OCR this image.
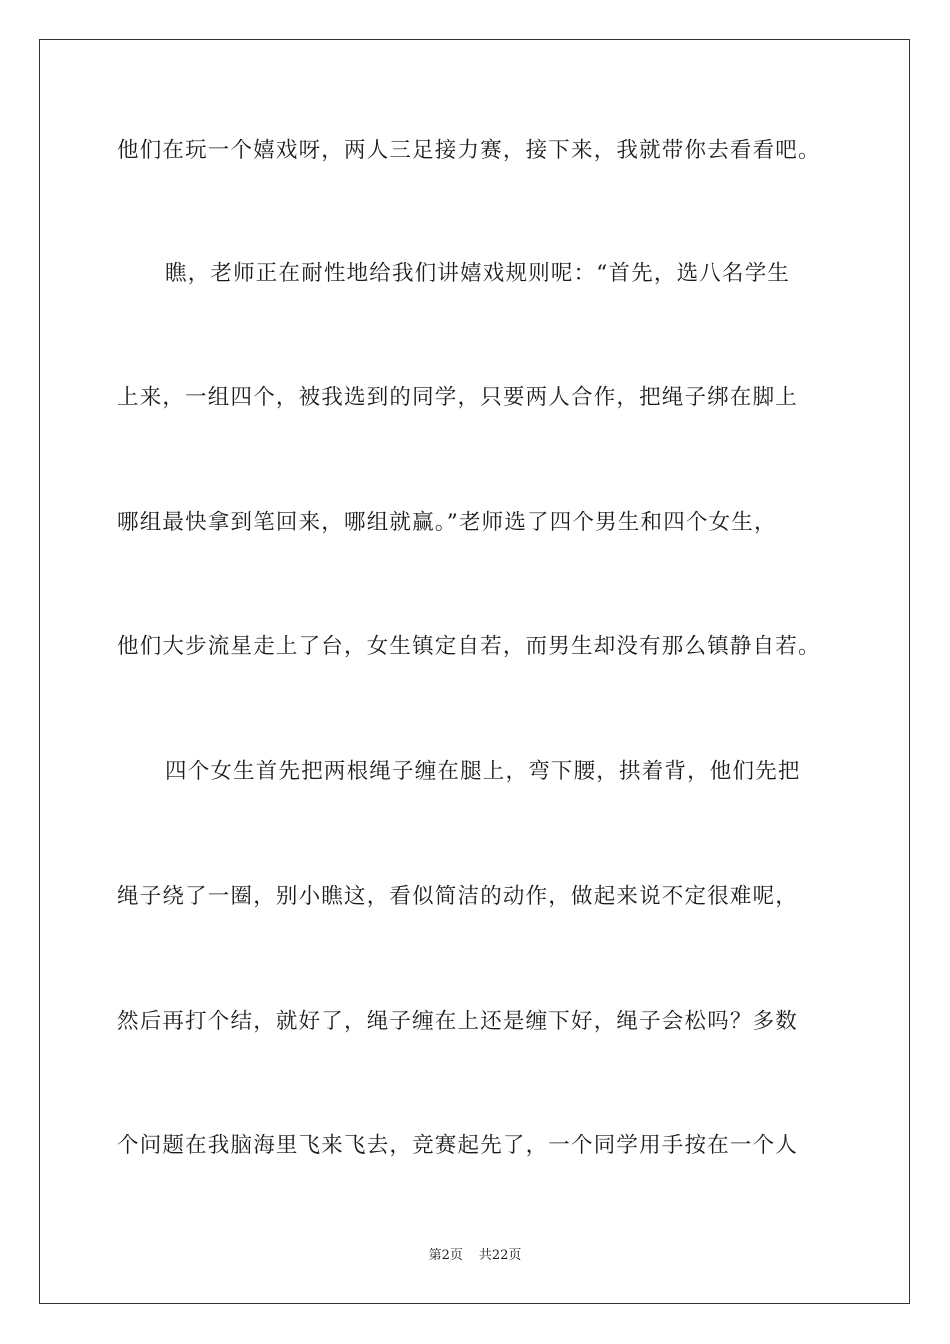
他们在玩一个嬉戏呀，两人三足接力赛，接下来，我就带你去看看吧。
瞧，老师正在耐性地给我们讲嬉戏规则呢：“首先，选八名学生
上来，一组四个，被我选到的同学，只要两人合作，把绳子绑在脚上
哪组最快拿到笔回来，哪组就赢。”老师选了四个男生和四个女生，
他们大步流星走上了台，女生镇定自若，而男生却没有那么镇静自若。
四个女生首先把两根绳子缠在腿上，弯下腰，拱着背，他们先把
绳子绕了一圈，别小瞧这，看似简洁的动作，做起来说不定很难呢，
然后再打个结，就好了，绳子缠在上还是缠下好，绳子会松吗？多数
个问题在我脑海里飞来飞去，竞赛起先了，一个同学用手按在一个人
第2页 共22页
